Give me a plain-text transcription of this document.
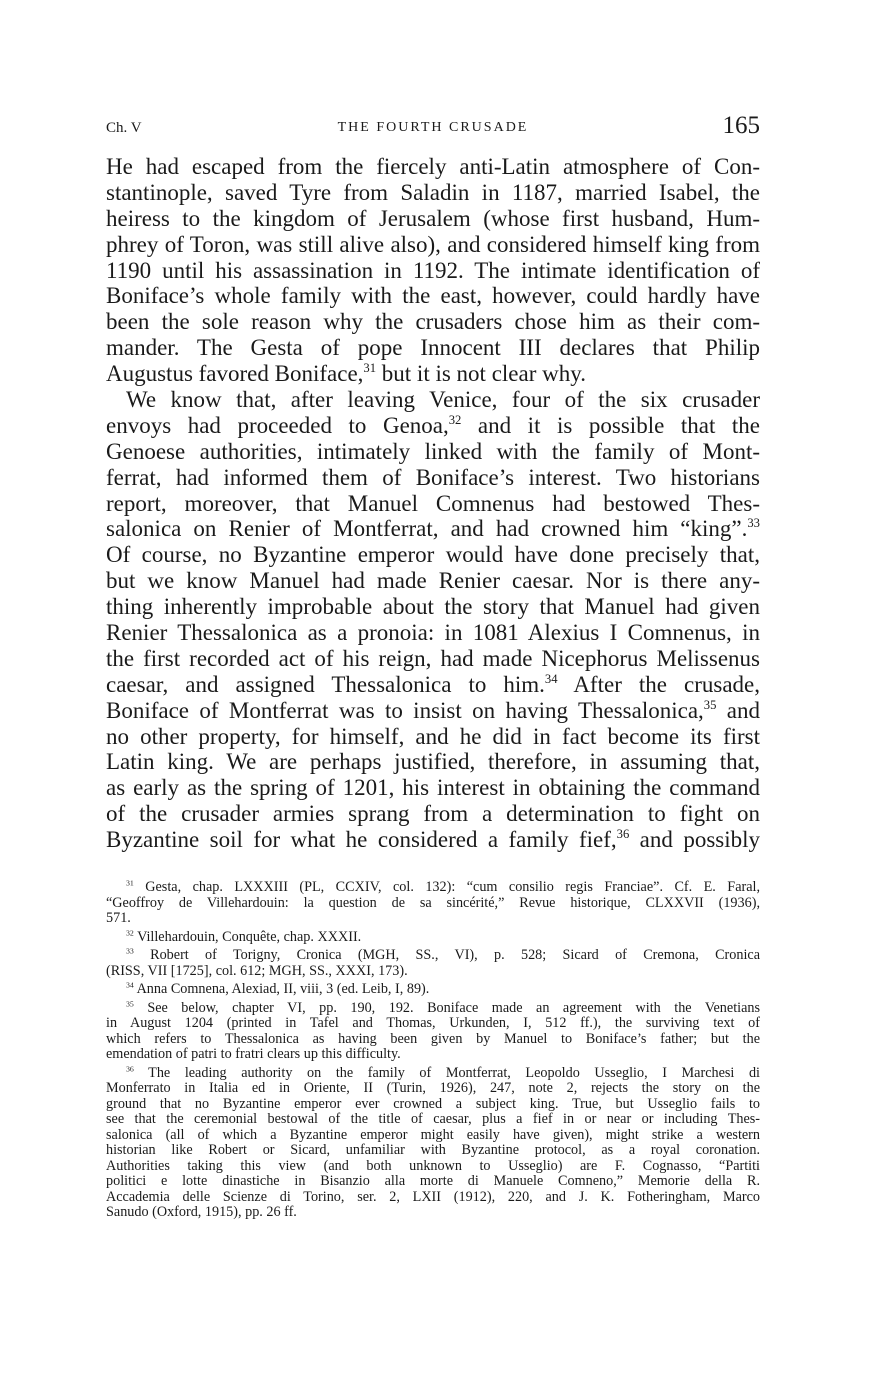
Ch. V	THE FOURTH CRUSADE	165
He had escaped from the fiercely anti-Latin atmosphere of Con-
stantinople, saved Tyre from Saladin in 1187, married Isabel, the
heiress to the kingdom of Jerusalem (whose first husband, Hum-
phrey of Toron, was still alive also), and considered himself king from
1190 until his assassination in 1192. The intimate identification of
Boniface’s whole family with the east, however, could hardly have
been the sole reason why the crusaders chose him as their com-
mander. The Gesta of pope Innocent III declares that Philip
Augustus favored Boniface,$^{31}$ but it is not clear why.
We know that, after leaving Venice, four of the six crusader
envoys had proceeded to Genoa,$^{32}$ and it is possible that the
Genoese authorities, intimately linked with the family of Mont-
ferrat, had informed them of Boniface’s interest. Two historians
report, moreover, that Manuel Comnenus had bestowed Thes-
salonica on Renier of Montferrat, and had crowned him “king”.$^{33}$
Of course, no Byzantine emperor would have done precisely that,
but we know Manuel had made Renier caesar. Nor is there any-
thing inherently improbable about the story that Manuel had given
Renier Thessalonica as a pronoia: in 1081 Alexius I Comnenus, in
the first recorded act of his reign, had made Nicephorus Melissenus
caesar, and assigned Thessalonica to him.$^{34}$ After the crusade,
Boniface of Montferrat was to insist on having Thessalonica,$^{35}$ and
no other property, for himself, and he did in fact become its first
Latin king. We are perhaps justified, therefore, in assuming that,
as early as the spring of 1201, his interest in obtaining the command
of the crusader armies sprang from a determination to fight on
Byzantine soil for what he considered a family fief,$^{36}$ and possibly
$^{31}$ Gesta, chap. LXXXIII (PL, CCXIV, col. 132): “cum consilio regis Franciae”. Cf. E. Faral,
“Geoffroy de Villehardouin: la question de sa sincérité,” Revue historique, CLXXVII (1936),
571.
$^{32}$ Villehardouin, Conquête, chap. XXXII.
$^{33}$ Robert of Torigny, Cronica (MGH, SS., VI), p. 528; Sicard of Cremona, Cronica
(RISS, VII [1725], col. 612; MGH, SS., XXXI, 173).
$^{34}$ Anna Comnena, Alexiad, II, viii, 3 (ed. Leib, I, 89).
$^{35}$ See below, chapter VI, pp. 190, 192. Boniface made an agreement with the Venetians
in August 1204 (printed in Tafel and Thomas, Urkunden, I, 512 ff.), the surviving text of
which refers to Thessalonica as having been given by Manuel to Boniface’s father; but the
emendation of patri to fratri clears up this difficulty.
$^{36}$ The leading authority on the family of Montferrat, Leopoldo Usseglio, I Marchesi di
Monferrato in Italia ed in Oriente, II (Turin, 1926), 247, note 2, rejects the story on the
ground that no Byzantine emperor ever crowned a subject king. True, but Usseglio fails to
see that the ceremonial bestowal of the title of caesar, plus a fief in or near or including Thes-
salonica (all of which a Byzantine emperor might easily have given), might strike a western
historian like Robert or Sicard, unfamiliar with Byzantine protocol, as a royal coronation.
Authorities taking this view (and both unknown to Usseglio) are F. Cognasso, “Partiti
politici e lotte dinastiche in Bisanzio alla morte di Manuele Comneno,” Memorie della R.
Accademia delle Scienze di Torino, ser. 2, LXII (1912), 220, and J. K. Fotheringham, Marco
Sanudo (Oxford, 1915), pp. 26 ff.
